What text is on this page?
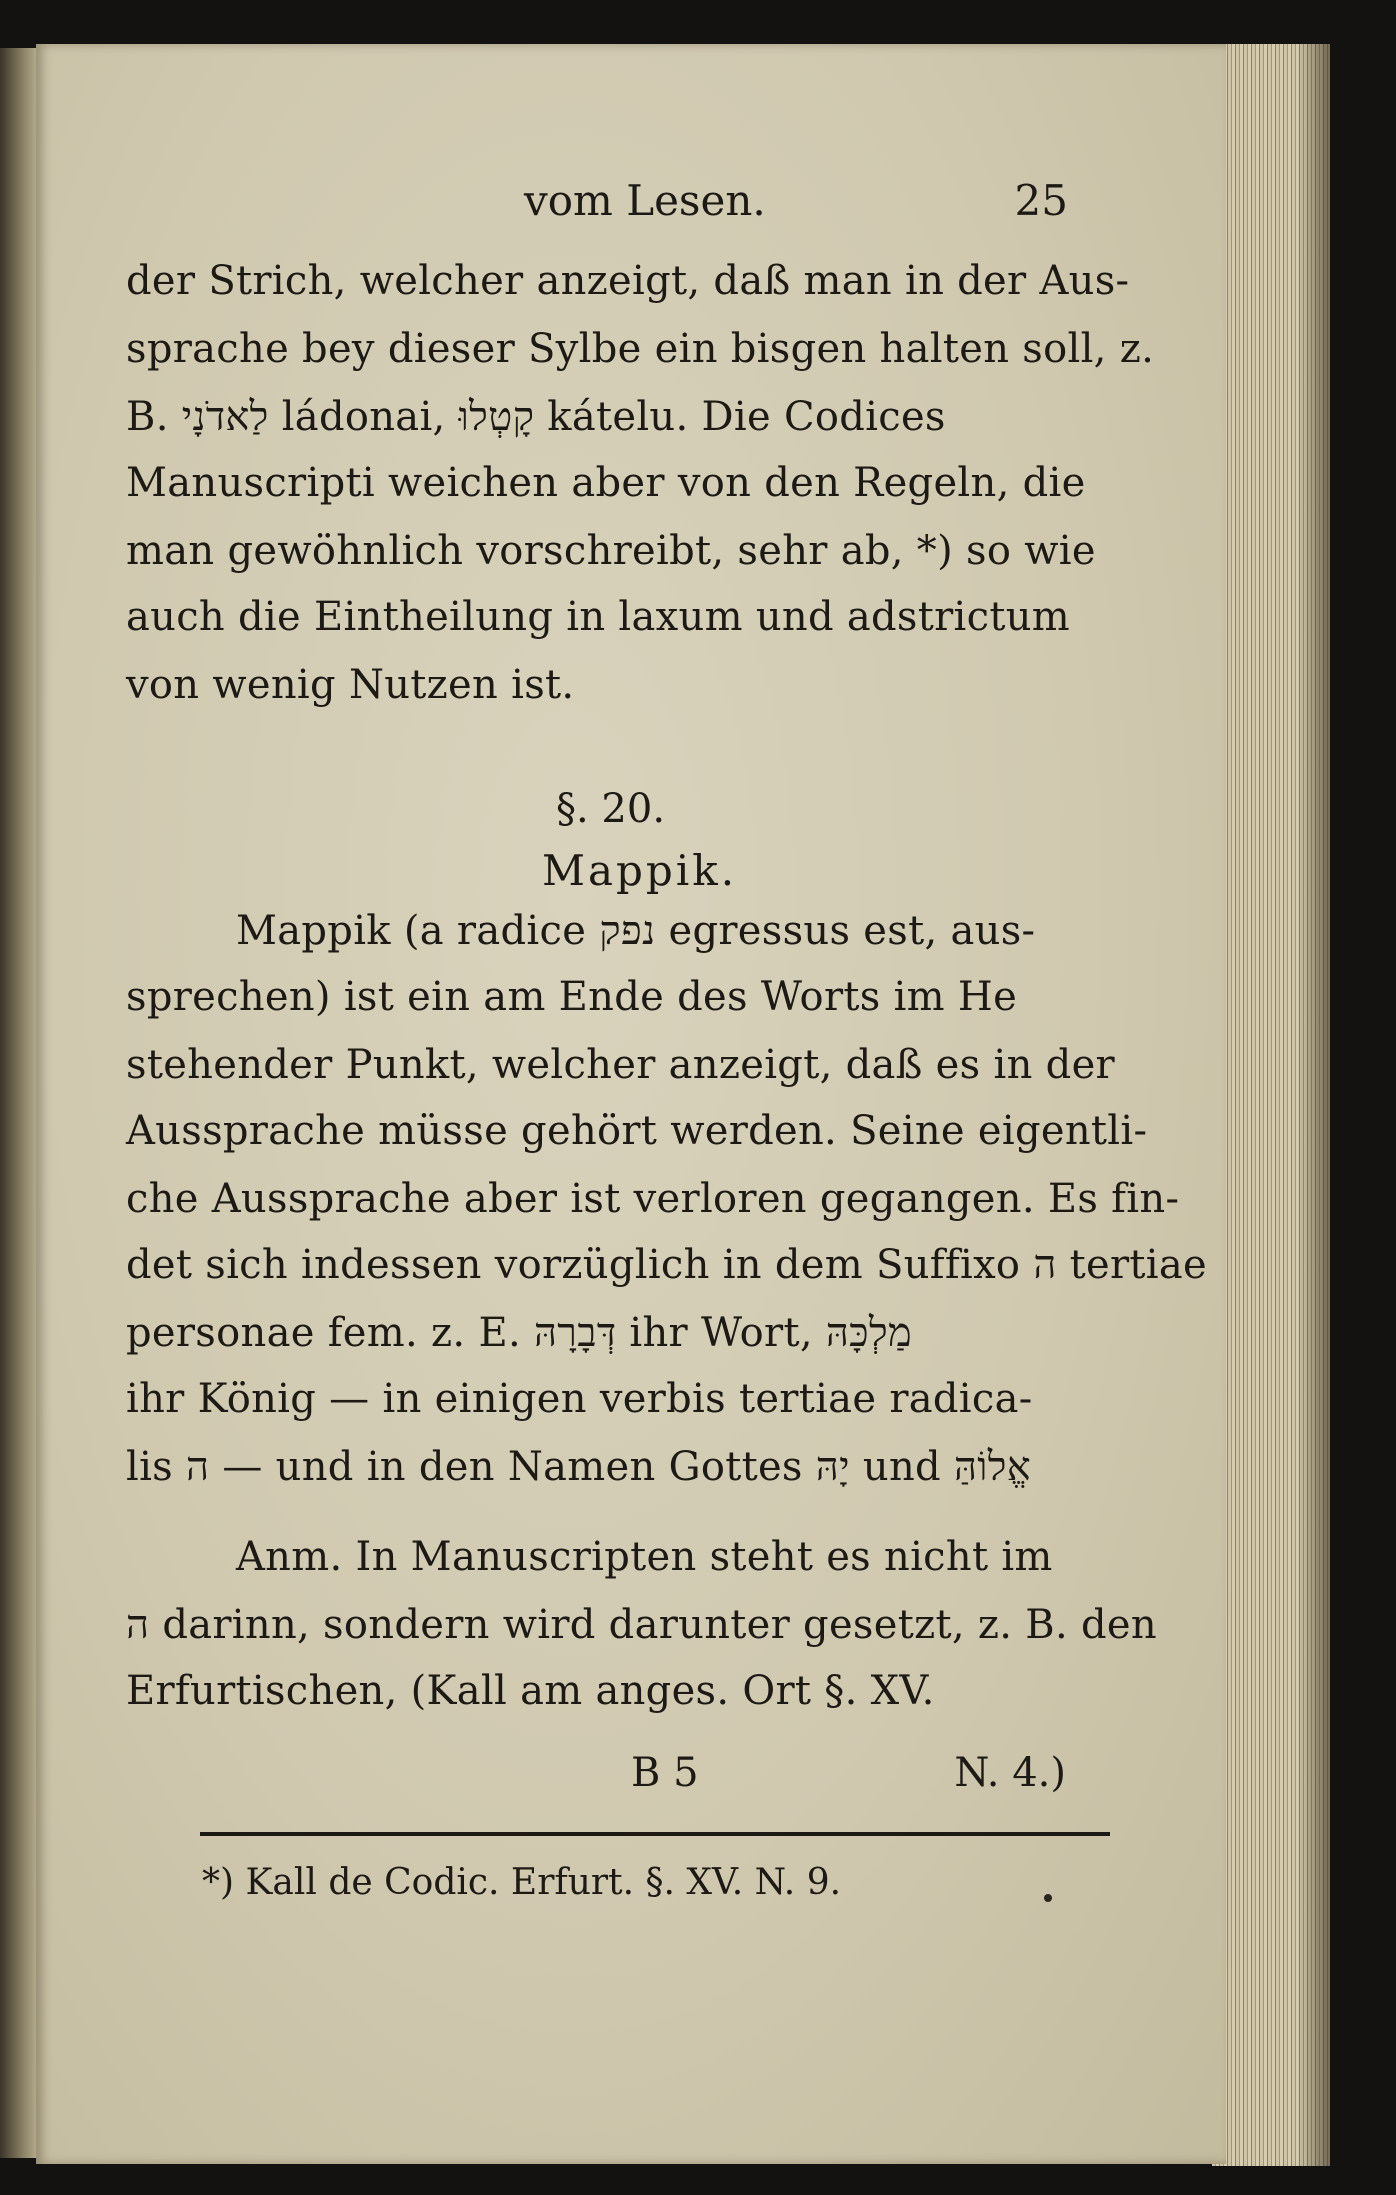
vom Lesen.	25
der Strich, welcher anzeigt, daß man in der Aus-
sprache bey dieser Sylbe ein bisgen halten soll, z.
B. לַאדֹנָי ládonai, קָטְלוּ kátelu. Die Codices
Manuscripti weichen aber von den Regeln, die
man gewöhnlich vorschreibt, sehr ab, *) so wie
auch die Eintheilung in laxum und adstrictum
von wenig Nutzen ist.
§. 20.
Mappik.
Mappik (a radice נפק egressus est, aus-
sprechen) ist ein am Ende des Worts im He
stehender Punkt, welcher anzeigt, daß es in der
Aussprache müsse gehört werden. Seine eigentli-
che Aussprache aber ist verloren gegangen. Es fin-
det sich indessen vorzüglich in dem Suffixo ה tertiae
personae fem. z. E. דְּבָרָהּ ihr Wort, מַלְכָּהּ
ihr König — in einigen verbis tertiae radica-
lis ה — und in den Namen Gottes יָהּ und אֱלוֹהַּ
Anm. In Manuscripten steht es nicht im
ה darinn, sondern wird darunter gesetzt, z. B. den
Erfurtischen, (Kall am anges. Ort §. XV.
B 5	N. 4.)
*) Kall de Codic. Erfurt. §. XV. N. 9.
